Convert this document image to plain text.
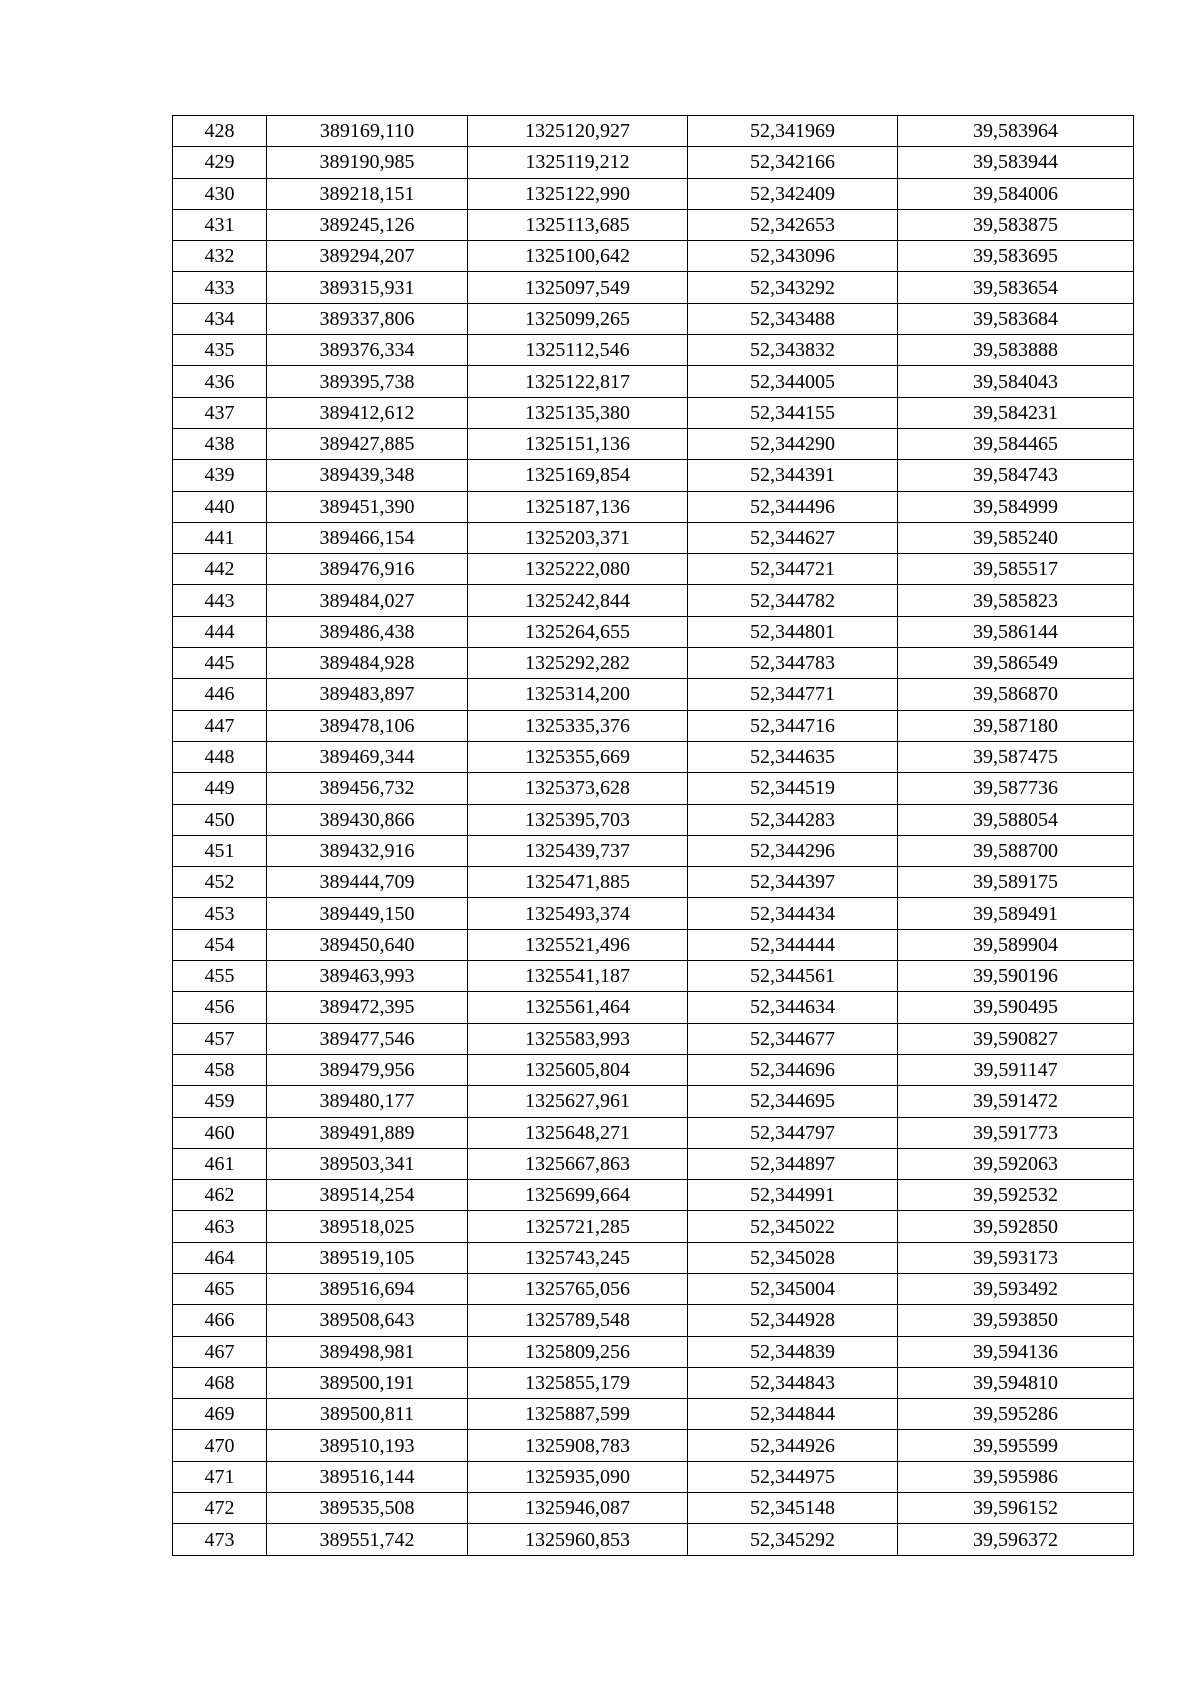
428	389169,110	1325120,927	52,341969	39,583964
429	389190,985	1325119,212	52,342166	39,583944
430	389218,151	1325122,990	52,342409	39,584006
431	389245,126	1325113,685	52,342653	39,583875
432	389294,207	1325100,642	52,343096	39,583695
433	389315,931	1325097,549	52,343292	39,583654
434	389337,806	1325099,265	52,343488	39,583684
435	389376,334	1325112,546	52,343832	39,583888
436	389395,738	1325122,817	52,344005	39,584043
437	389412,612	1325135,380	52,344155	39,584231
438	389427,885	1325151,136	52,344290	39,584465
439	389439,348	1325169,854	52,344391	39,584743
440	389451,390	1325187,136	52,344496	39,584999
441	389466,154	1325203,371	52,344627	39,585240
442	389476,916	1325222,080	52,344721	39,585517
443	389484,027	1325242,844	52,344782	39,585823
444	389486,438	1325264,655	52,344801	39,586144
445	389484,928	1325292,282	52,344783	39,586549
446	389483,897	1325314,200	52,344771	39,586870
447	389478,106	1325335,376	52,344716	39,587180
448	389469,344	1325355,669	52,344635	39,587475
449	389456,732	1325373,628	52,344519	39,587736
450	389430,866	1325395,703	52,344283	39,588054
451	389432,916	1325439,737	52,344296	39,588700
452	389444,709	1325471,885	52,344397	39,589175
453	389449,150	1325493,374	52,344434	39,589491
454	389450,640	1325521,496	52,344444	39,589904
455	389463,993	1325541,187	52,344561	39,590196
456	389472,395	1325561,464	52,344634	39,590495
457	389477,546	1325583,993	52,344677	39,590827
458	389479,956	1325605,804	52,344696	39,591147
459	389480,177	1325627,961	52,344695	39,591472
460	389491,889	1325648,271	52,344797	39,591773
461	389503,341	1325667,863	52,344897	39,592063
462	389514,254	1325699,664	52,344991	39,592532
463	389518,025	1325721,285	52,345022	39,592850
464	389519,105	1325743,245	52,345028	39,593173
465	389516,694	1325765,056	52,345004	39,593492
466	389508,643	1325789,548	52,344928	39,593850
467	389498,981	1325809,256	52,344839	39,594136
468	389500,191	1325855,179	52,344843	39,594810
469	389500,811	1325887,599	52,344844	39,595286
470	389510,193	1325908,783	52,344926	39,595599
471	389516,144	1325935,090	52,344975	39,595986
472	389535,508	1325946,087	52,345148	39,596152
473	389551,742	1325960,853	52,345292	39,596372
